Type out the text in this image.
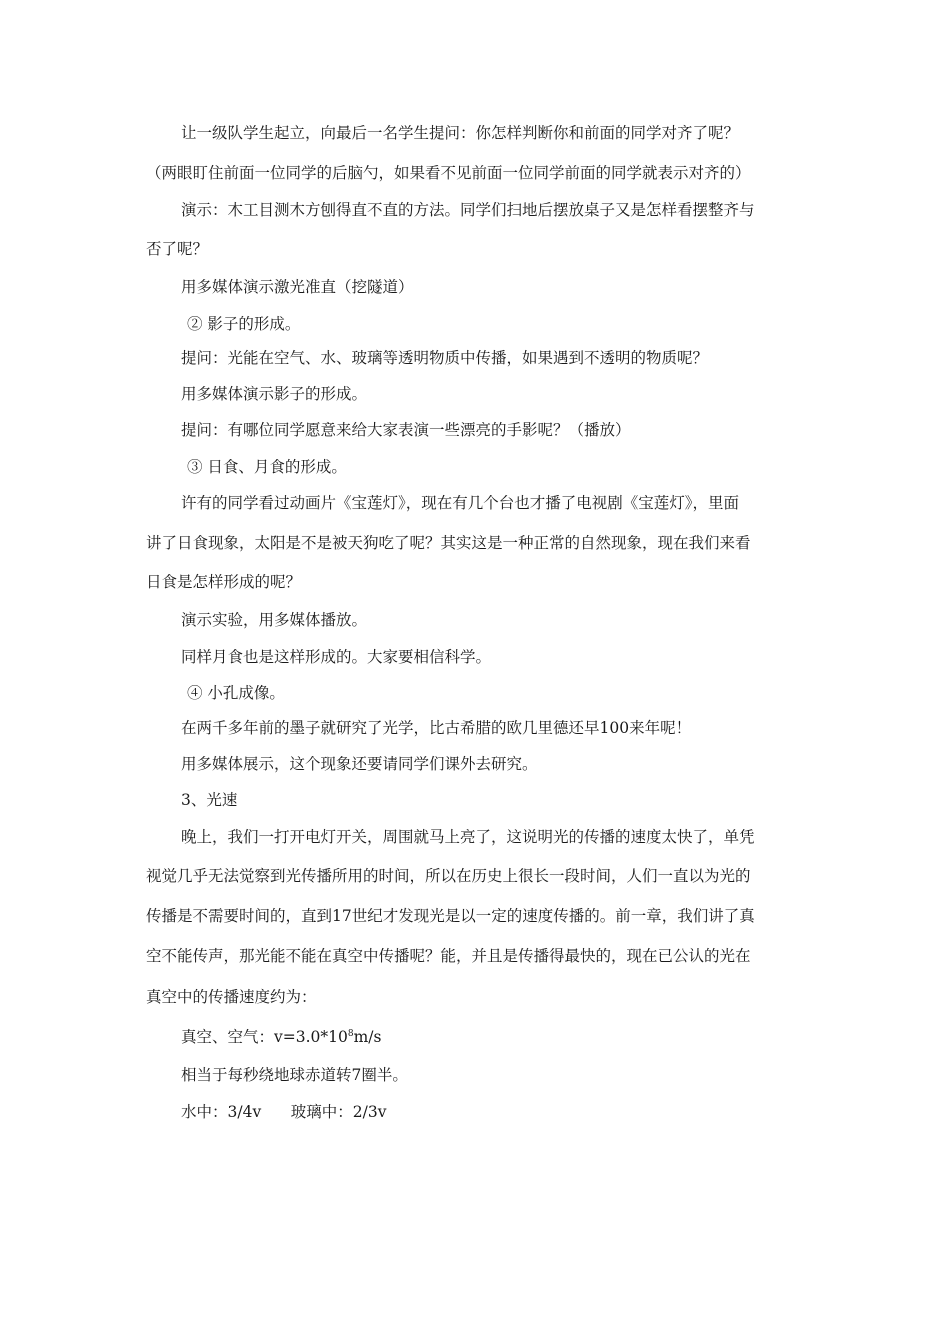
让一级队学生起立，向最后一名学生提问：你怎样判断你和前面的同学对齐了呢？
（两眼盯住前面一位同学的后脑勺，如果看不见前面一位同学前面的同学就表示对齐的）
演示：木工目测木方刨得直不直的方法。同学们扫地后摆放桌子又是怎样看摆整齐与
否了呢？
用多媒体演示激光准直（挖隧道）
② 影子的形成。
提问：光能在空气、水、玻璃等透明物质中传播，如果遇到不透明的物质呢？
用多媒体演示影子的形成。
提问：有哪位同学愿意来给大家表演一些漂亮的手影呢？（播放）
③ 日食、月食的形成。
许有的同学看过动画片《宝莲灯》，现在有几个台也才播了电视剧《宝莲灯》，里面
讲了日食现象，太阳是不是被天狗吃了呢？其实这是一种正常的自然现象，现在我们来看
日食是怎样形成的呢？
演示实验，用多媒体播放。
同样月食也是这样形成的。大家要相信科学。
④ 小孔成像。
在两千多年前的墨子就研究了光学，比古希腊的欧几里德还早100来年呢！
用多媒体展示，这个现象还要请同学们课外去研究。
3、光速
晚上，我们一打开电灯开关，周围就马上亮了，这说明光的传播的速度太快了，单凭
视觉几乎无法觉察到光传播所用的时间，所以在历史上很长一段时间，人们一直以为光的
传播是不需要时间的，直到17世纪才发现光是以一定的速度传播的。前一章，我们讲了真
空不能传声，那光能不能在真空中传播呢？能，并且是传播得最快的，现在已公认的光在
真空中的传播速度约为：
真空、空气：$v=3.0*10^8m/s$
相当于每秒绕地球赤道转7圈半。
水中：3/4v      玻璃中：2/3v
